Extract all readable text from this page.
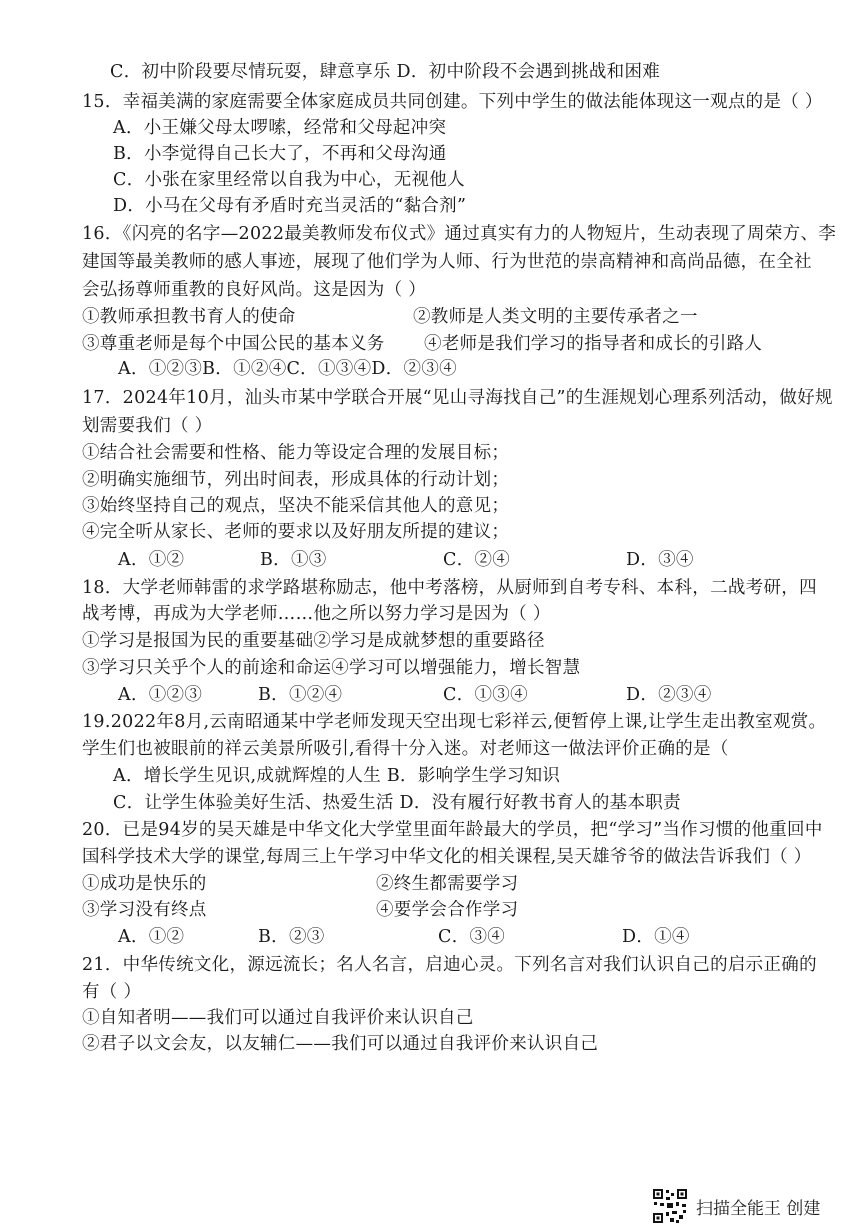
C．初中阶段要尽情玩耍，肆意享乐 D．初中阶段不会遇到挑战和困难
15．幸福美满的家庭需要全体家庭成员共同创建。下列中学生的做法能体现这一观点的是（ ）
A．小王嫌父母太啰嗦，经常和父母起冲突
B．小李觉得自己长大了，不再和父母沟通
C．小张在家里经常以自我为中心，无视他人
D．小马在父母有矛盾时充当灵活的“黏合剂”
16．《闪亮的名字—2022最美教师发布仪式》通过真实有力的人物短片，生动表现了周荣方、李
建国等最美教师的感人事迹，展现了他们学为人师、行为世范的崇高精神和高尚品德，在全社
会弘扬尊师重教的良好风尚。这是因为（ ）
①教师承担教书育人的使命	②教师是人类文明的主要传承者之一
③尊重老师是每个中国公民的基本义务 ④老师是我们学习的指导者和成长的引路人
A．①②③B．①②④C．①③④D．②③④
17．2024年10月，汕头市某中学联合开展“见山寻海找自己”的生涯规划心理系列活动，做好规
划需要我们（ ）
①结合社会需要和性格、能力等设定合理的发展目标；
②明确实施细节，列出时间表，形成具体的行动计划；
③始终坚持自己的观点，坚决不能采信其他人的意见；
④完全听从家长、老师的要求以及好朋友所提的建议；
A．①②	B．①③	C．②④	D．③④
18．大学老师韩雷的求学路堪称励志，他中考落榜，从厨师到自考专科、本科，二战考研，四
战考博，再成为大学老师……他之所以努力学习是因为（ ）
①学习是报国为民的重要基础②学习是成就梦想的重要路径
③学习只关乎个人的前途和命运④学习可以增强能力，增长智慧
A．①②③	B．①②④	C．①③④	D．②③④
19.2022年8月,云南昭通某中学老师发现天空出现七彩祥云,便暂停上课,让学生走出教室观赏。
学生们也被眼前的祥云美景所吸引,看得十分入迷。对老师这一做法评价正确的是（
A．增长学生见识,成就辉煌的人生 B．影响学生学习知识
C．让学生体验美好生活、热爱生活 D．没有履行好教书育人的基本职责
20．已是94岁的吴天雄是中华文化大学堂里面年龄最大的学员，把“学习”当作习惯的他重回中
国科学技术大学的课堂,每周三上午学习中华文化的相关课程,吴天雄爷爷的做法告诉我们（ ）
①成功是快乐的	②终生都需要学习
③学习没有终点	④要学会合作学习
A．①②	B．②③	C．③④	D．①④
21．中华传统文化，源远流长；名人名言，启迪心灵。下列名言对我们认识自己的启示正确的
有（ ）
①自知者明——我们可以通过自我评价来认识自己
②君子以文会友，以友辅仁——我们可以通过自我评价来认识自己
扫描全能王 创建
